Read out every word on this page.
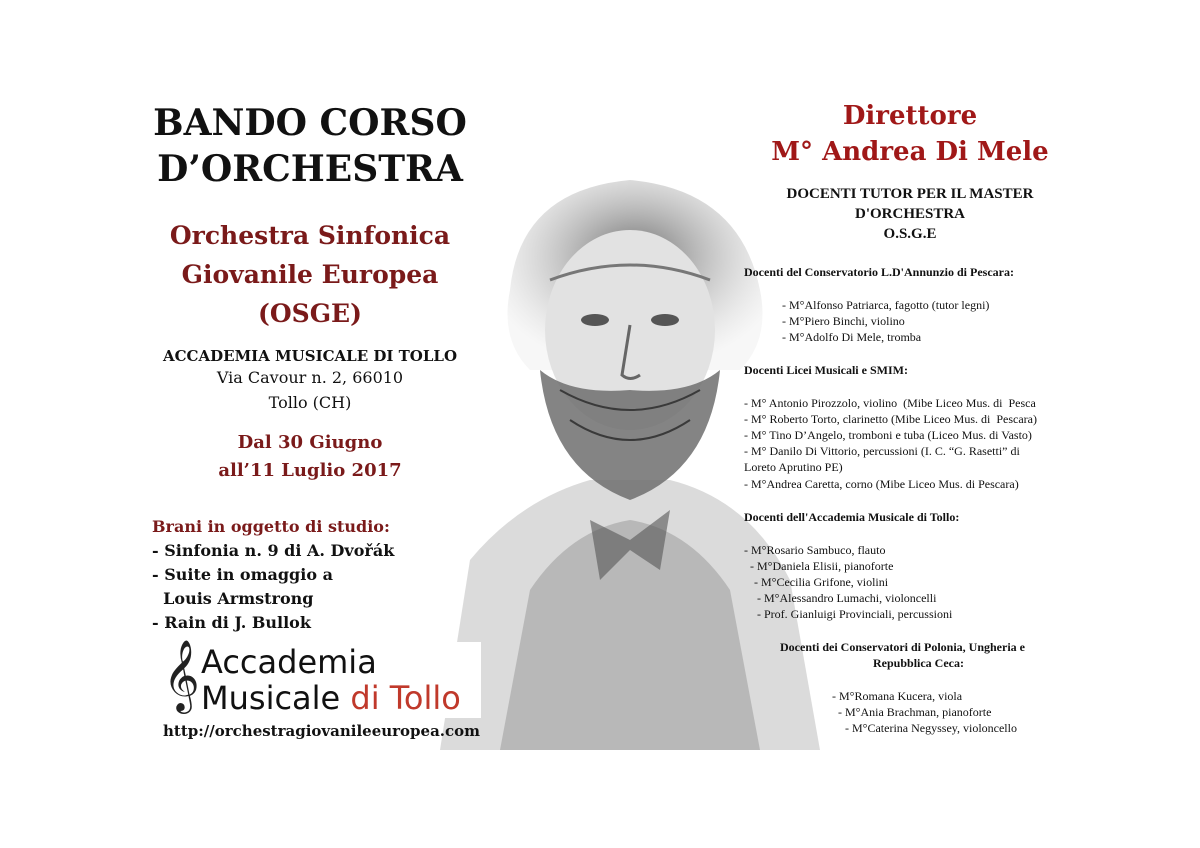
BANDO CORSO
D’ORCHESTRA
Orchestra Sinfonica
Giovanile Europea
(OSGE)
ACCADEMIA MUSICALE DI TOLLO
Via Cavour n. 2, 66010
Tollo (CH)
Dal 30 Giugno
all’11 Luglio 2017
Brani in oggetto di studio:
- Sinfonia n. 9 di A. Dvořák
- Suite in omaggio a
Louis Armstrong
- Rain di J. Bullok
𝄞 Accademia
Musicale di Tollo
http://orchestragiovanileeuropea.com
Direttore
M° Andrea Di Mele
DOCENTI TUTOR PER IL MASTER
D'ORCHESTRA
O.S.G.E
Docenti del Conservatorio L.D'Annunzio di Pescara:
- M°Alfonso Patriarca, fagotto (tutor legni)
- M°Piero Binchi, violino
- M°Adolfo Di Mele, tromba
Docenti Licei Musicali e SMIM:
- M° Antonio Pirozzolo, violino  (Mibe Liceo Mus. di  Pesca
- M° Roberto Torto, clarinetto (Mibe Liceo Mus. di  Pescara)
- M° Tino D’Angelo, tromboni e tuba (Liceo Mus. di Vasto)
- M° Danilo Di Vittorio, percussioni (I. C. “G. Rasetti” di
Loreto Aprutino PE)
- M°Andrea Caretta, corno (Mibe Liceo Mus. di Pescara)
Docenti dell'Accademia Musicale di Tollo:
- M°Rosario Sambuco, flauto
- M°Daniela Elisii, pianoforte
- M°Cecilia Grifone, violini
- M°Alessandro Lumachi, violoncelli
- Prof. Gianluigi Provinciali, percussioni
Docenti dei Conservatori di Polonia, Ungheria e
Repubblica Ceca:
- M°Romana Kucera, viola
- M°Ania Brachman, pianoforte
- M°Caterina Negyssey, violoncello
